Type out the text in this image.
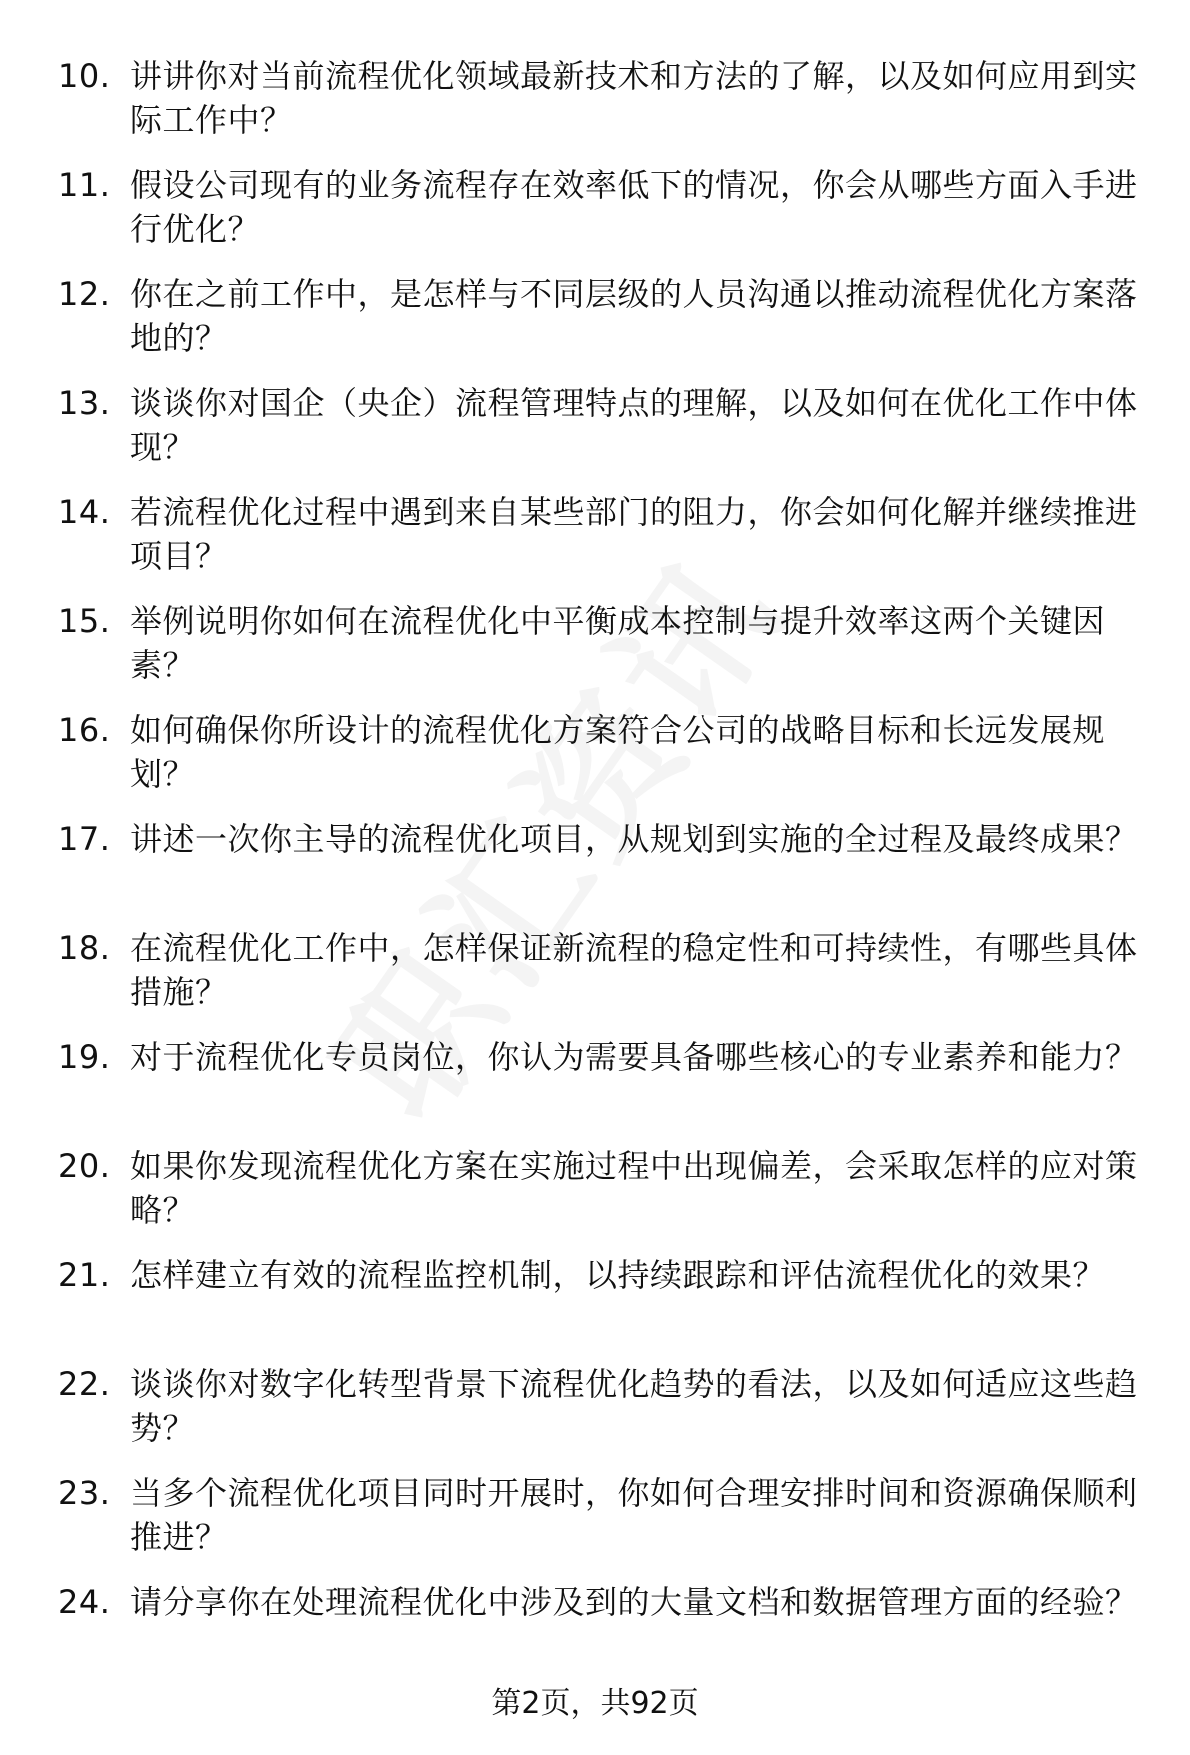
10. 讲讲你对当前流程优化领域最新技术和方法的了解，以及如何应用到实际工作中？
11. 假设公司现有的业务流程存在效率低下的情况，你会从哪些方面入手进行优化？
12. 你在之前工作中，是怎样与不同层级的人员沟通以推动流程优化方案落地的？
13. 谈谈你对国企（央企）流程管理特点的理解，以及如何在优化工作中体现？
14. 若流程优化过程中遇到来自某些部门的阻力，你会如何化解并继续推进项目？
15. 举例说明你如何在流程优化中平衡成本控制与提升效率这两个关键因素？
16. 如何确保你所设计的流程优化方案符合公司的战略目标和长远发展规划？
17. 讲述一次你主导的流程优化项目，从规划到实施的全过程及最终成果？
18. 在流程优化工作中，怎样保证新流程的稳定性和可持续性，有哪些具体措施？
19. 对于流程优化专员岗位，你认为需要具备哪些核心的专业素养和能力？
20. 如果你发现流程优化方案在实施过程中出现偏差，会采取怎样的应对策略？
21. 怎样建立有效的流程监控机制，以持续跟踪和评估流程优化的效果？
22. 谈谈你对数字化转型背景下流程优化趋势的看法，以及如何适应这些趋势？
23. 当多个流程优化项目同时开展时，你如何合理安排时间和资源确保顺利推进？
24. 请分享你在处理流程优化中涉及到的大量文档和数据管理方面的经验？
第2页，共92页
